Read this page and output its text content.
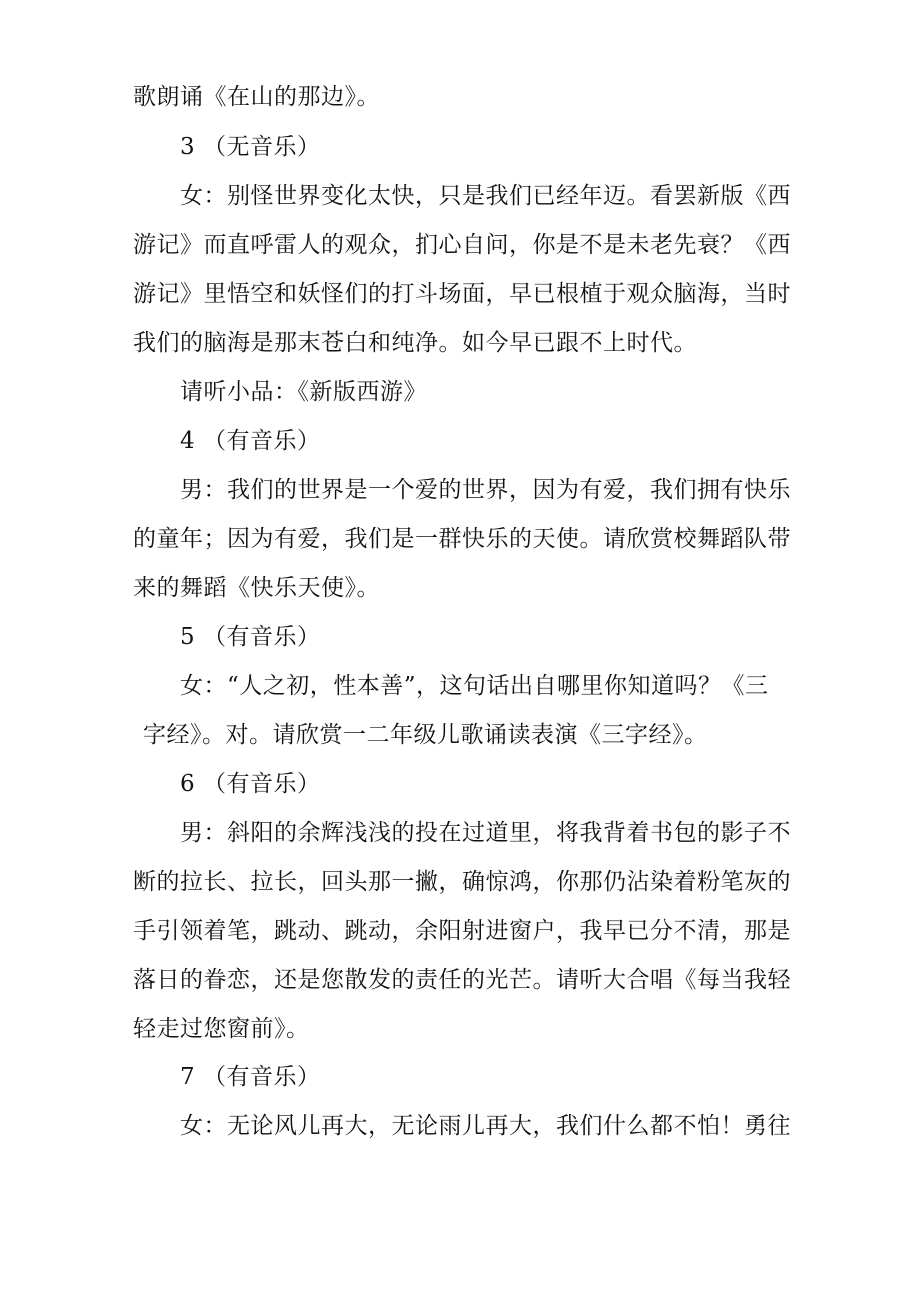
歌朗诵《在山的那边》。
3 （无音乐）
女：别怪世界变化太快，只是我们已经年迈。看罢新版《西
游记》而直呼雷人的观众，扪心自问，你是不是未老先衰？《西
游记》里悟空和妖怪们的打斗场面，早已根植于观众脑海，当时
我们的脑海是那末苍白和纯净。如今早已跟不上时代。
请听小品：《新版西游》
4 （有音乐）
男：我们的世界是一个爱的世界，因为有爱，我们拥有快乐
的童年；因为有爱，我们是一群快乐的天使。请欣赏校舞蹈队带
来的舞蹈《快乐天使》。
5 （有音乐）
女：“人之初，性本善”，这句话出自哪里你知道吗？《三
字经》。对。请欣赏一二年级儿歌诵读表演《三字经》。
6 （有音乐）
男：斜阳的余辉浅浅的投在过道里，将我背着书包的影子不
断的拉长、拉长，回头那一撇，确惊鸿，你那仍沾染着粉笔灰的
手引领着笔，跳动、跳动，余阳射进窗户，我早已分不清，那是
落日的眷恋，还是您散发的责任的光芒。请听大合唱《每当我轻
轻走过您窗前》。
7 （有音乐）
女：无论风儿再大，无论雨儿再大，我们什么都不怕！勇往
